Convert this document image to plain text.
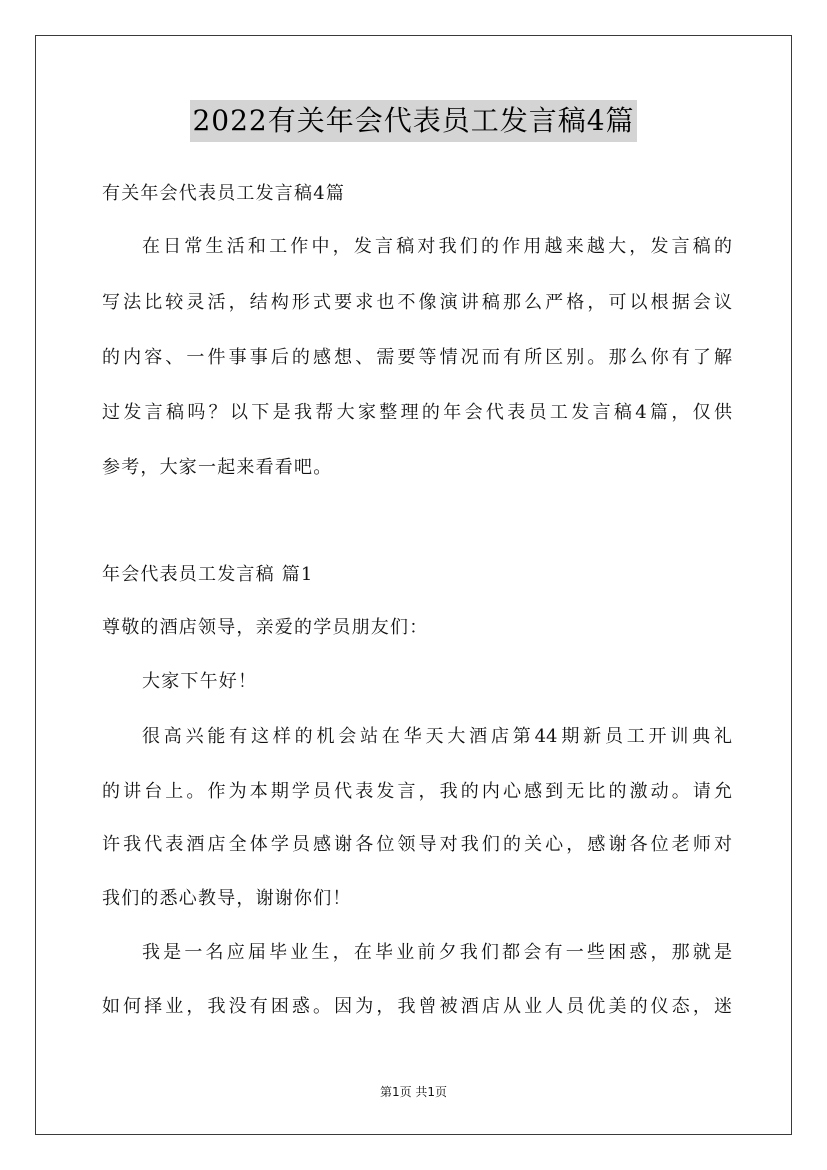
2022有关年会代表员工发言稿4篇
有关年会代表员工发言稿4篇
在日常生活和工作中，发言稿对我们的作用越来越大，发言稿的
写法比较灵活，结构形式要求也不像演讲稿那么严格，可以根据会议
的内容、一件事事后的感想、需要等情况而有所区别。那么你有了解
过发言稿吗？以下是我帮大家整理的年会代表员工发言稿4篇，仅供
参考，大家一起来看看吧。
年会代表员工发言稿 篇1
尊敬的酒店领导，亲爱的学员朋友们：
大家下午好！
很高兴能有这样的机会站在华天大酒店第44期新员工开训典礼
的讲台上。作为本期学员代表发言，我的内心感到无比的激动。请允
许我代表酒店全体学员感谢各位领导对我们的关心，感谢各位老师对
我们的悉心教导，谢谢你们！
我是一名应届毕业生，在毕业前夕我们都会有一些困惑，那就是
如何择业，我没有困惑。因为，我曾被酒店从业人员优美的仪态，迷
第1页 共1页
